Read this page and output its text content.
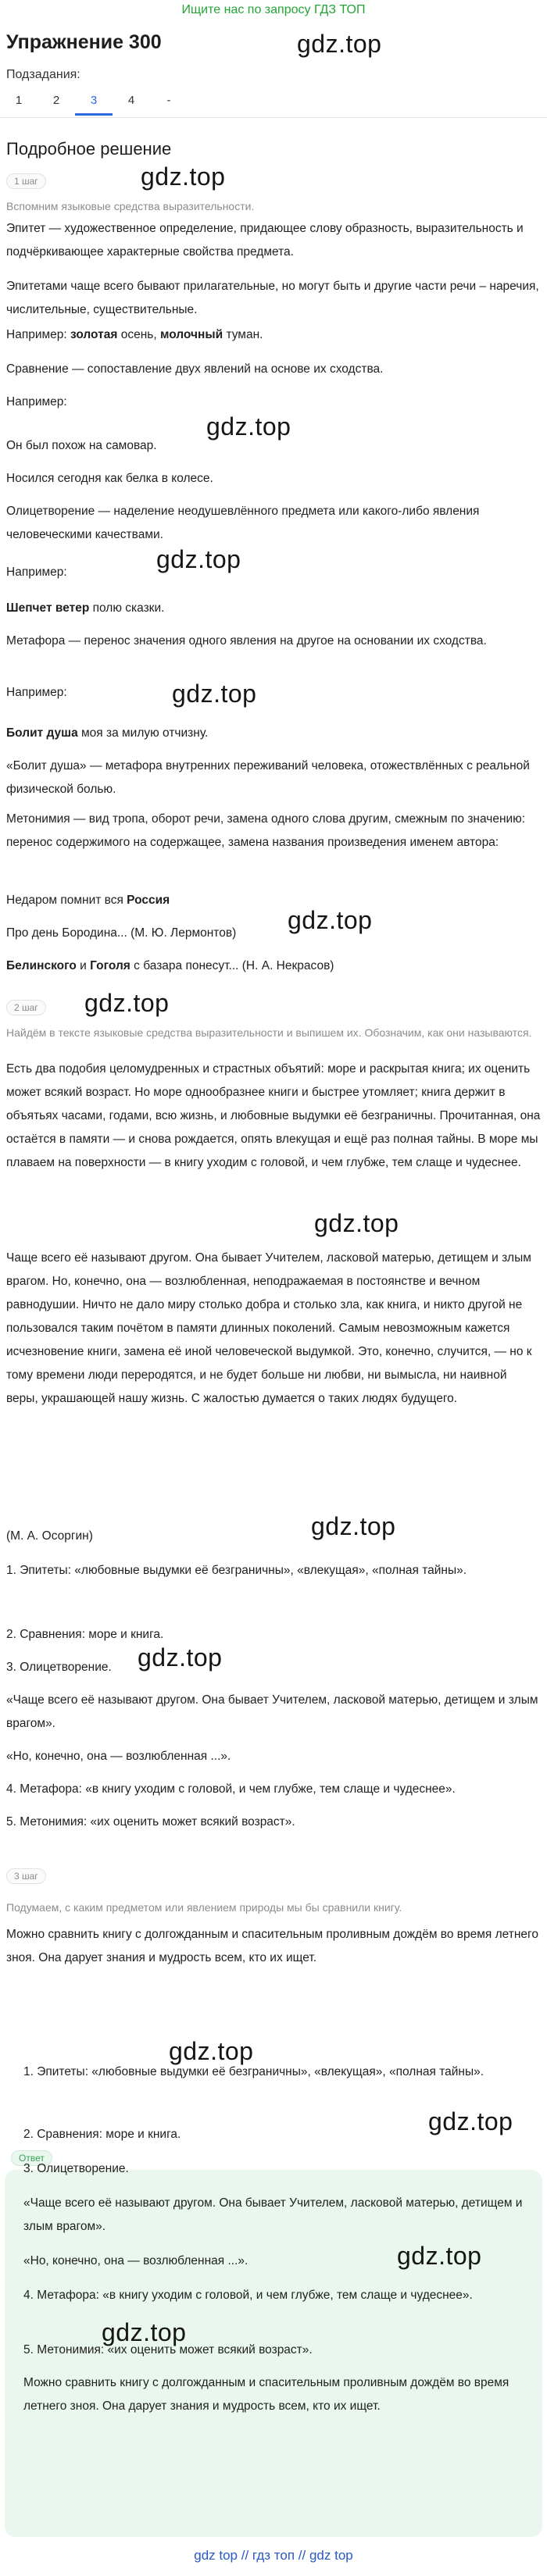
Ищите нас по запросу ГДЗ ТОП
Упражнение 300	gdz.top
Подзадания:
1	2	3	4	-
Подробное решение
1 шаг	gdz.top
Вспомним языковые средства выразительности.
Эпитет — художественное определение, придающее слову образность, выразительность и подчёркивающее характерные свойства предмета.
Эпитетами чаще всего бывают прилагательные, но могут быть и другие части речи – наречия, числительные, существительные.
Например: золотая осень, молочный туман.
Сравнение — сопоставление двух явлений на основе их сходства.
Например:
gdz.top
Он был похож на самовар.
Носился сегодня как белка в колесе.
Олицетворение — наделение неодушевлённого предмета или какого-либо явления человеческими качествами.
gdz.top
Например:
Шепчет ветер полю сказки.
Метафора — перенос значения одного явления на другое на основании их сходства.
Например:	gdz.top
Болит душа моя за милую отчизну.
«Болит душа» — метафора внутренних переживаний человека, отожествлённых с реальной физической болью.
Метонимия — вид тропа, оборот речи, замена одного слова другим, смежным по значению: перенос содержимого на содержащее, замена названия произведения именем автора:
Недаром помнит вся Россия
gdz.top
Про день Бородина... (М. Ю. Лермонтов)
Белинского и Гоголя с базара понесут... (Н. А. Некрасов)
2 шаг	gdz.top
Найдём в тексте языковые средства выразительности и выпишем их. Обозначим, как они называются.
Есть два подобия целомудренных и страстных объятий: море и раскрытая книга; их оценить может всякий возраст. Но море однообразнее книги и быстрее утомляет; книга держит в объятьях часами, годами, всю жизнь, и любовные выдумки её безграничны. Прочитанная, она остаётся в памяти — и снова рождается, опять влекущая и ещё раз полная тайны. В море мы плаваем на поверхности — в книгу уходим с головой, и чем глубже, тем слаще и чудеснее.
gdz.top
Чаще всего её называют другом. Она бывает Учителем, ласковой матерью, детищем и злым врагом. Но, конечно, она — возлюбленная, неподражаемая в постоянстве и вечном равнодушии. Ничто не дало миру столько добра и столько зла, как книга, и никто другой не пользовался таким почётом в памяти длинных поколений. Самым невозможным кажется исчезновение книги, замена её иной человеческой выдумкой. Это, конечно, случится, — но к тому времени люди переродятся, и не будет больше ни любви, ни вымысла, ни наивной веры, украшающей нашу жизнь. С жалостью думается о таких людях будущего.
gdz.top
(М. А. Осоргин)
1. Эпитеты: «любовные выдумки её безграничны», «влекущая», «полная тайны».
2. Сравнения: море и книга.
3. Олицетворение.	gdz.top
«Чаще всего её называют другом. Она бывает Учителем, ласковой матерью, детищем и злым врагом».
«Но, конечно, она — возлюбленная ...».
4. Метафора: «в книгу уходим с головой, и чем глубже, тем слаще и чудеснее».
5. Метонимия: «их оценить может всякий возраст».
3 шаг
Подумаем, с каким предметом или явлением природы мы бы сравнили книгу.
Можно сравнить книгу с долгожданным и спасительным проливным дождём во время летнего зноя. Она дарует знания и мудрость всем, кто их ищет.
Ответ
gdz.top
1. Эпитеты: «любовные выдумки её безграничны», «влекущая», «полная тайны».
2. Сравнения: море и книга.	gdz.top
3. Олицетворение.
«Чаще всего её называют другом. Она бывает Учителем, ласковой матерью, детищем и злым врагом».
«Но, конечно, она — возлюбленная ...».	gdz.top
4. Метафора: «в книгу уходим с головой, и чем глубже, тем слаще и чудеснее».
gdz.top
5. Метонимия: «их оценить может всякий возраст».
Можно сравнить книгу с долгожданным и спасительным проливным дождём во время летнего зноя. Она дарует знания и мудрость всем, кто их ищет.
gdz top // гдз топ // gdz top
